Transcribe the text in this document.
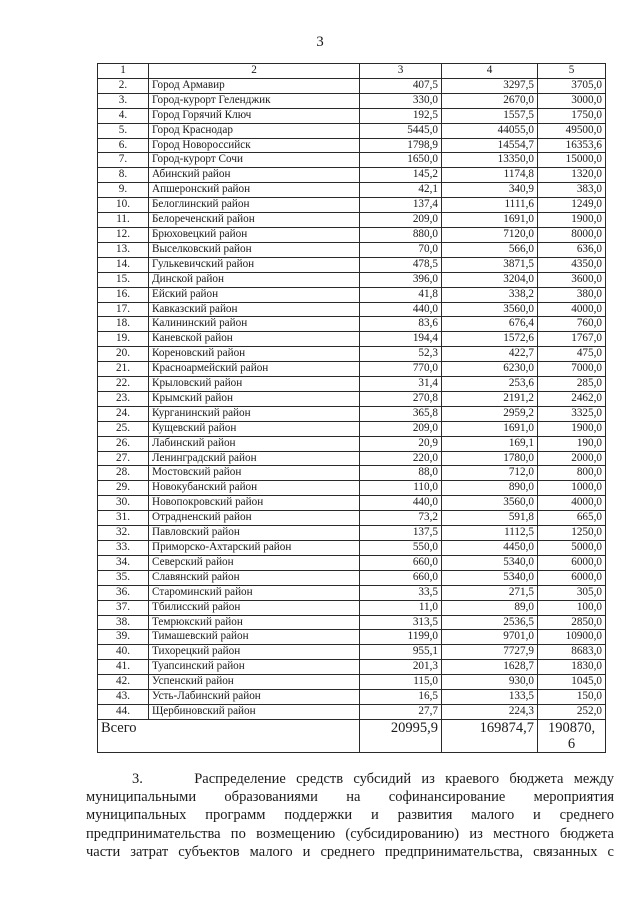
3
1	2	3	4	5
2.	Город Армавир	407,5	3297,5	3705,0
3.	Город-курорт Геленджик	330,0	2670,0	3000,0
4.	Город Горячий Ключ	192,5	1557,5	1750,0
5.	Город Краснодар	5445,0	44055,0	49500,0
6.	Город Новороссийск	1798,9	14554,7	16353,6
7.	Город-курорт Сочи	1650,0	13350,0	15000,0
8.	Абинский район	145,2	1174,8	1320,0
9.	Апшеронский район	42,1	340,9	383,0
10.	Белоглинский район	137,4	1111,6	1249,0
11.	Белореченский район	209,0	1691,0	1900,0
12.	Брюховецкий район	880,0	7120,0	8000,0
13.	Выселковский район	70,0	566,0	636,0
14.	Гулькевичский район	478,5	3871,5	4350,0
15.	Динской район	396,0	3204,0	3600,0
16.	Ейский район	41,8	338,2	380,0
17.	Кавказский район	440,0	3560,0	4000,0
18.	Калининский район	83,6	676,4	760,0
19.	Каневской район	194,4	1572,6	1767,0
20.	Кореновский район	52,3	422,7	475,0
21.	Красноармейский район	770,0	6230,0	7000,0
22.	Крыловский район	31,4	253,6	285,0
23.	Крымский район	270,8	2191,2	2462,0
24.	Курганинский район	365,8	2959,2	3325,0
25.	Кущевский район	209,0	1691,0	1900,0
26.	Лабинский район	20,9	169,1	190,0
27.	Ленинградский район	220,0	1780,0	2000,0
28.	Мостовский район	88,0	712,0	800,0
29.	Новокубанский район	110,0	890,0	1000,0
30.	Новопокровский район	440,0	3560,0	4000,0
31.	Отрадненский район	73,2	591,8	665,0
32.	Павловский район	137,5	1112,5	1250,0
33.	Приморско-Ахтарский район	550,0	4450,0	5000,0
34.	Северский район	660,0	5340,0	6000,0
35.	Славянский район	660,0	5340,0	6000,0
36.	Староминский район	33,5	271,5	305,0
37.	Тбилисский район	11,0	89,0	100,0
38.	Темрюкский район	313,5	2536,5	2850,0
39.	Тимашевский район	1199,0	9701,0	10900,0
40.	Тихорецкий район	955,1	7727,9	8683,0
41.	Туапсинский район	201,3	1628,7	1830,0
42.	Успенский район	115,0	930,0	1045,0
43.	Усть-Лабинский район	16,5	133,5	150,0
44.	Щербиновский район	27,7	224,3	252,0
Всего		20995,9	169874,7	190870,
6

3.     Распределение средств субсидий из краевого бюджета между

муниципальными образованиями на софинансирование мероприятия

муниципальных программ поддержки и развития малого и среднего

предпринимательства по возмещению (субсидированию) из местного бюджета

части затрат субъектов малого и среднего предпринимательства, связанных с
